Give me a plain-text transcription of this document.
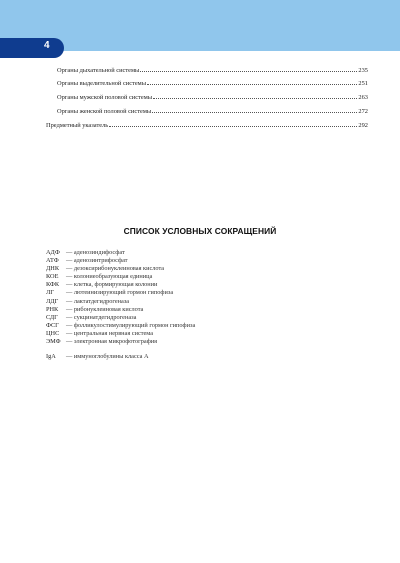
4
Органы дыхательной системы	235
Органы выделительной системы	251
Органы мужской половой системы	263
Органы женской половой системы	272
Предметный указатель	292
СПИСОК УСЛОВНЫХ СОКРАЩЕНИЙ
АДФ — аденозиндифосфат
АТФ	— аденозинтрифосфат
ДНК	— дезоксирибонуклеиновая кислота
КОЕ	— колониеобразующая единица
КФК	— клетка, формирующая колонии
ЛГ	— лютеинизирующий гормон гипофиза
ЛДГ	— лактатдегидрогеназа
РНК	— рибонуклеиновая кислота
СДГ	— сукцинатдегидрогеназа
ФСГ	— фолликулостимулирующий гормон гипофиза
ЦНС	— центральная нервная система
ЭМФ — электронная микрофотография
IgA	— иммуноглобулины класса А
